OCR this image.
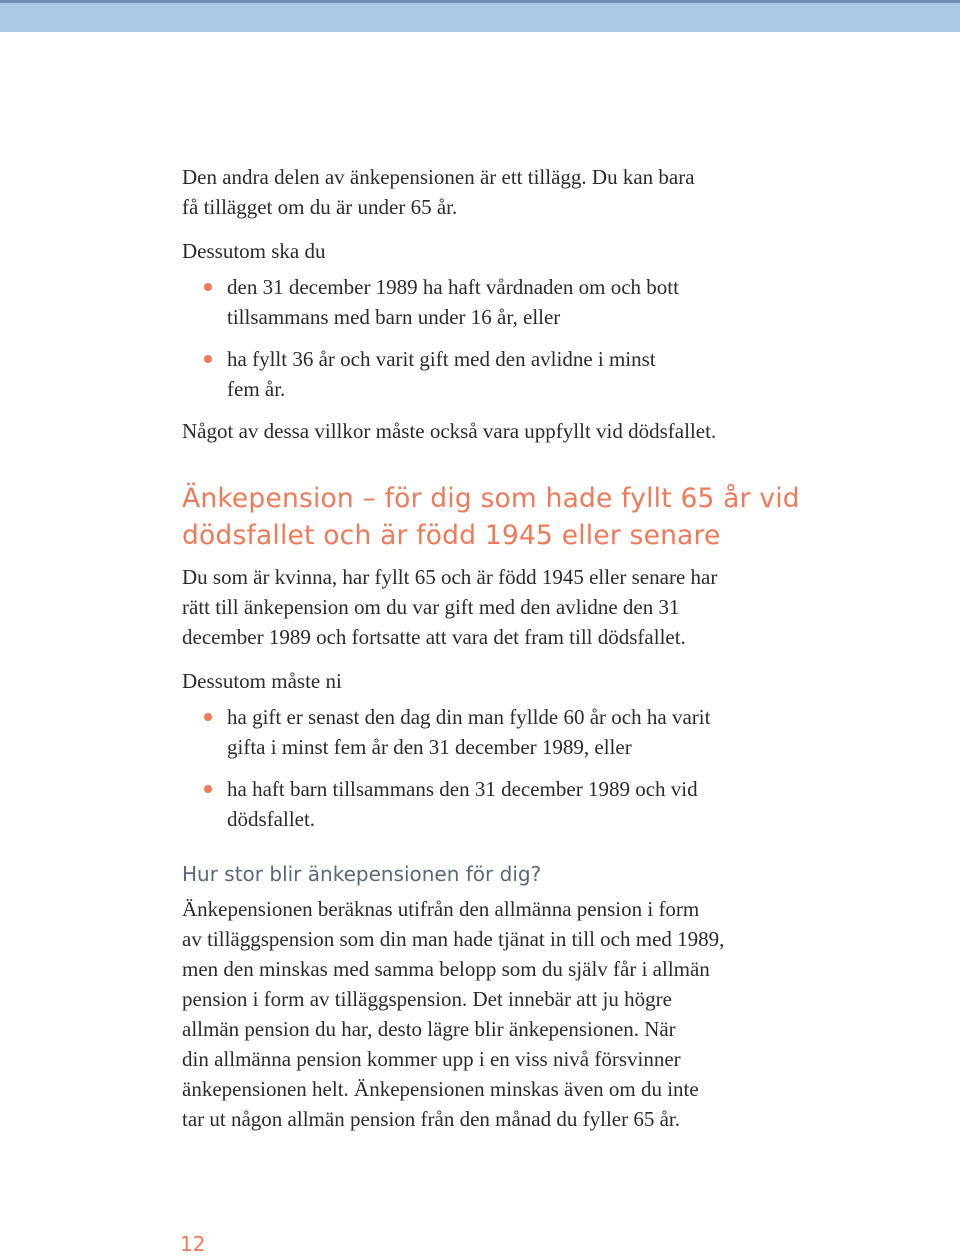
Den andra delen av änkepensionen är ett tillägg. Du kan bara
få tillägget om du är under 65 år.

Dessutom ska du

den 31 december 1989 ha haft vårdnaden om och bott
tillsammans med barn under 16 år, eller
ha fyllt 36 år och varit gift med den avlidne i minst
fem år.

Något av dessa villkor måste också vara uppfyllt vid dödsfallet.

Änkepension – för dig som hade fyllt 65 år vid
dödsfallet och är född 1945 eller senare

Du som är kvinna, har fyllt 65 och är född 1945 eller senare har
rätt till änkepension om du var gift med den avlidne den 31
december 1989 och fortsatte att vara det fram till dödsfallet.

Dessutom måste ni

ha gift er senast den dag din man fyllde 60 år och ha varit
gifta i minst fem år den 31 december 1989, eller
ha haft barn tillsammans den 31 december 1989 och vid
dödsfallet.
Hur stor blir änkepensionen för dig?

Änkepensionen beräknas utifrån den allmänna pension i form
av tilläggspension som din man hade tjänat in till och med 1989,
men den minskas med samma belopp som du själv får i allmän
pension i form av tilläggspension. Det innebär att ju högre
allmän pension du har, desto lägre blir änkepensionen. När
din allmänna pension kommer upp i en viss nivå försvinner
änkepensionen helt. Änkepensionen minskas även om du inte
tar ut någon allmän pension från den månad du fyller 65 år.

12
